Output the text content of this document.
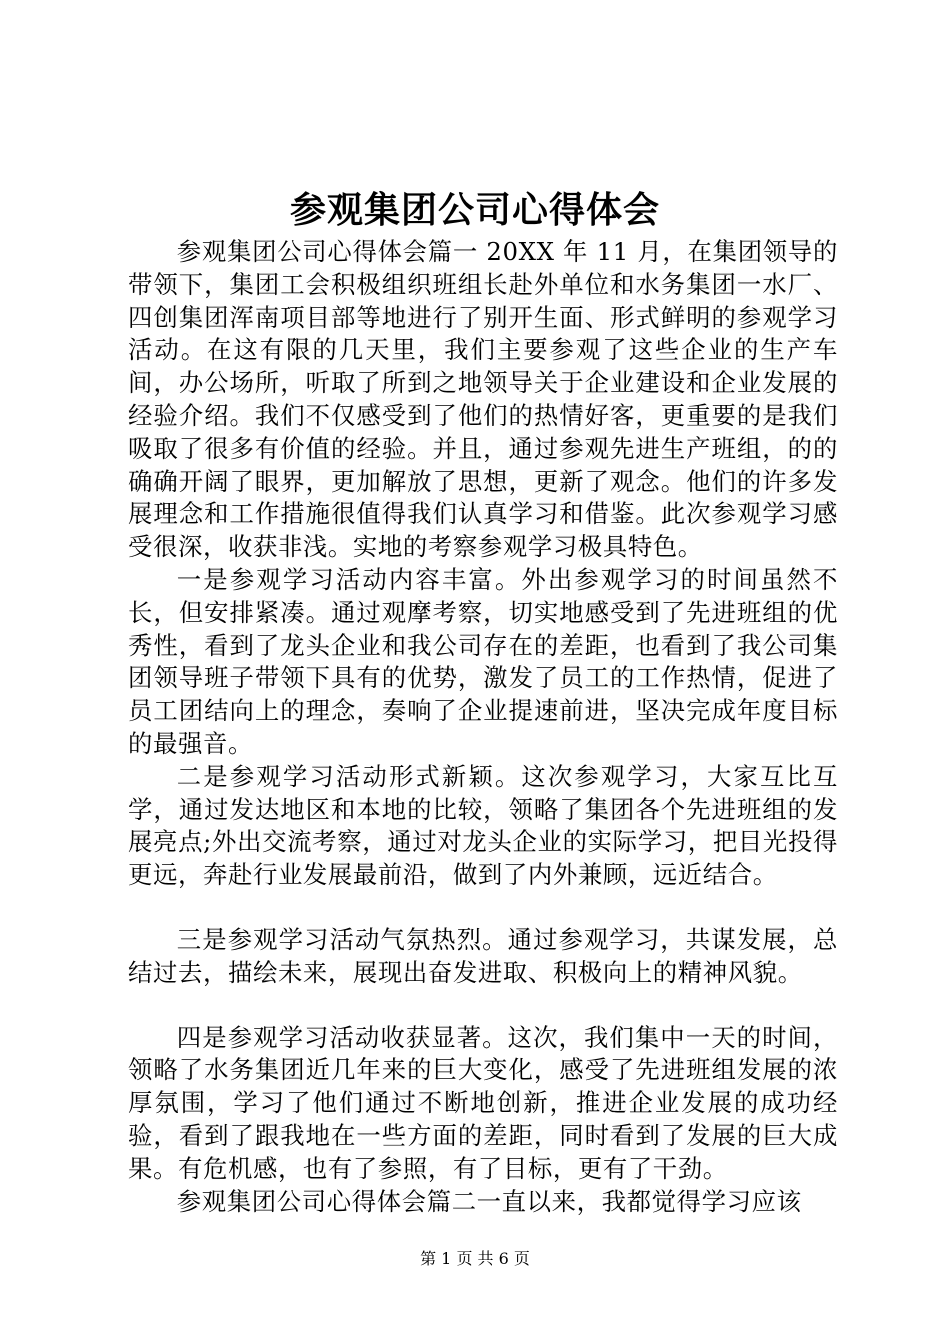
参观集团公司心得体会

参观集团公司心得体会篇一 20XX 年 11 月，在集团领导的带领下，集团工会积极组织班组长赴外单位和水务集团一水厂、四创集团浑南项目部等地进行了别开生面、形式鲜明的参观学习活动。在这有限的几天里，我们主要参观了这些企业的生产车间，办公场所，听取了所到之地领导关于企业建设和企业发展的经验介绍。我们不仅感受到了他们的热情好客，更重要的是我们吸取了很多有价值的经验。并且，通过参观先进生产班组，的的确确开阔了眼界，更加解放了思想，更新了观念。他们的许多发展理念和工作措施很值得我们认真学习和借鉴。此次参观学习感受很深，收获非浅。实地的考察参观学习极具特色。

一是参观学习活动内容丰富。外出参观学习的时间虽然不长，但安排紧凑。通过观摩考察，切实地感受到了先进班组的优秀性，看到了龙头企业和我公司存在的差距，也看到了我公司集团领导班子带领下具有的优势，激发了员工的工作热情，促进了员工团结向上的理念，奏响了企业提速前进，坚决完成年度目标的最强音。

二是参观学习活动形式新颖。这次参观学习，大家互比互学，通过发达地区和本地的比较，领略了集团各个先进班组的发展亮点;外出交流考察，通过对龙头企业的实际学习，把目光投得更远，奔赴行业发展最前沿，做到了内外兼顾，远近结合。

三是参观学习活动气氛热烈。通过参观学习，共谋发展，总结过去，描绘未来，展现出奋发进取、积极向上的精神风貌。

四是参观学习活动收获显著。这次，我们集中一天的时间，领略了水务集团近几年来的巨大变化，感受了先进班组发展的浓厚氛围，学习了他们通过不断地创新，推进企业发展的成功经验，看到了跟我地在一些方面的差距，同时看到了发展的巨大成果。有危机感，也有了参照，有了目标，更有了干劲。

参观集团公司心得体会篇二一直以来，我都觉得学习应该

第 1 页 共 6 页
